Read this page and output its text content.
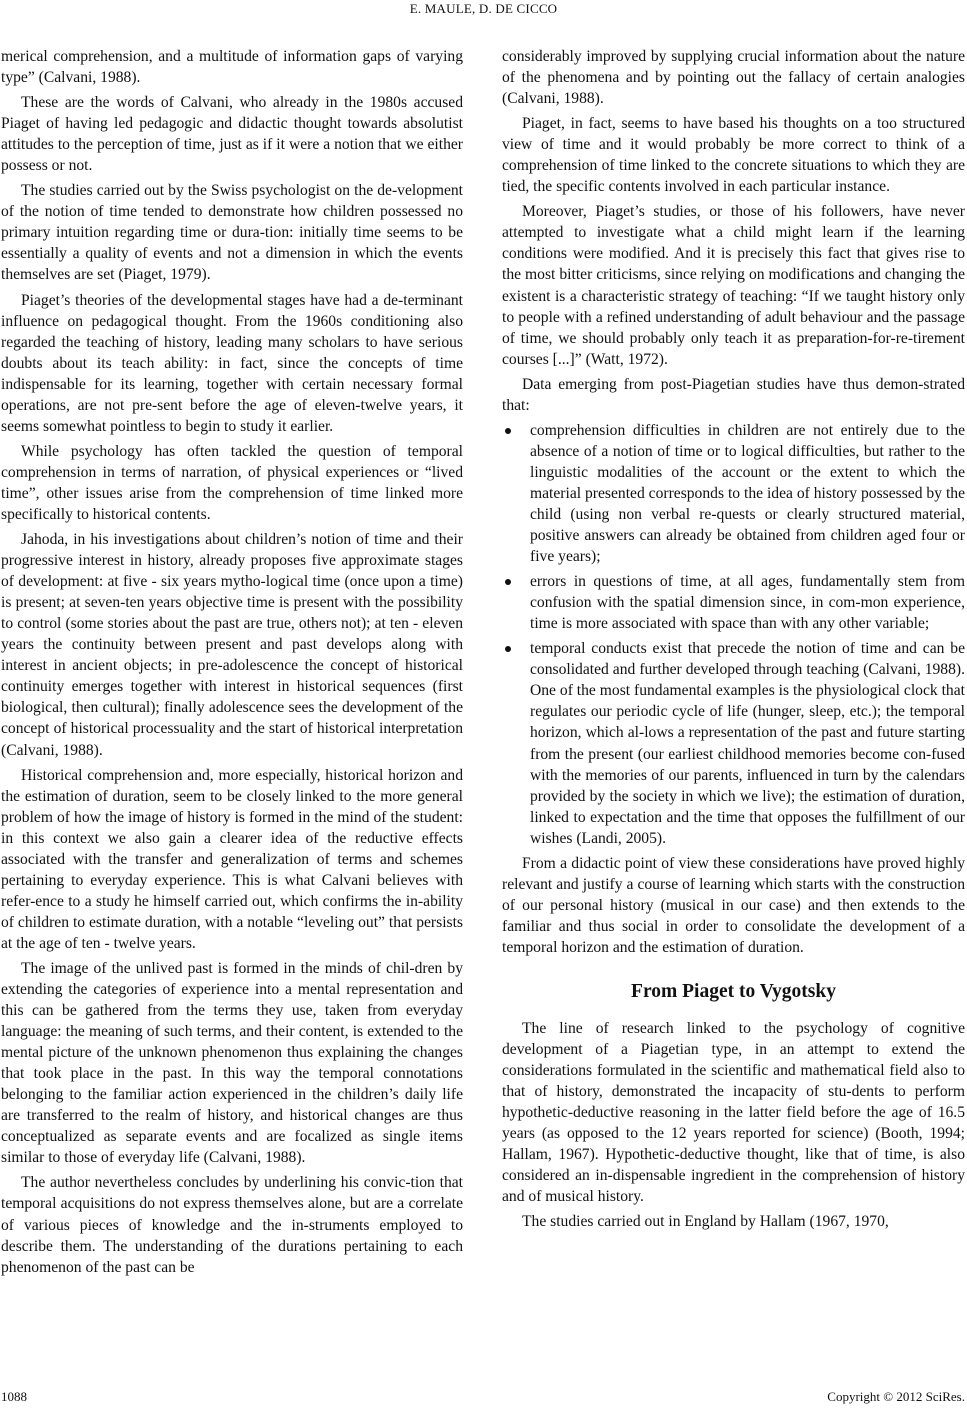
E. MAULE, D. DE CICCO

merical comprehension, and a multitude of information gaps of varying type” (Calvani, 1988).

These are the words of Calvani, who already in the 1980s accused Piaget of having led pedagogic and didactic thought towards absolutist attitudes to the perception of time, just as if it were a notion that we either possess or not.

The studies carried out by the Swiss psychologist on the de-velopment of the notion of time tended to demonstrate how children possessed no primary intuition regarding time or dura-tion: initially time seems to be essentially a quality of events and not a dimension in which the events themselves are set (Piaget, 1979).

Piaget’s theories of the developmental stages have had a de-terminant influence on pedagogical thought. From the 1960s conditioning also regarded the teaching of history, leading many scholars to have serious doubts about its teach ability: in fact, since the concepts of time indispensable for its learning, together with certain necessary formal operations, are not pre-sent before the age of eleven-twelve years, it seems somewhat pointless to begin to study it earlier.

While psychology has often tackled the question of temporal comprehension in terms of narration, of physical experiences or “lived time”, other issues arise from the comprehension of time linked more specifically to historical contents.

Jahoda, in his investigations about children’s notion of time and their progressive interest in history, already proposes five approximate stages of development: at five - six years mytho-logical time (once upon a time) is present; at seven-ten years objective time is present with the possibility to control (some stories about the past are true, others not); at ten - eleven years the continuity between present and past develops along with interest in ancient objects; in pre-adolescence the concept of historical continuity emerges together with interest in historical sequences (first biological, then cultural); finally adolescence sees the development of the concept of historical processuality and the start of historical interpretation (Calvani, 1988).

Historical comprehension and, more especially, historical horizon and the estimation of duration, seem to be closely linked to the more general problem of how the image of history is formed in the mind of the student: in this context we also gain a clearer idea of the reductive effects associated with the transfer and generalization of terms and schemes pertaining to everyday experience. This is what Calvani believes with refer-ence to a study he himself carried out, which confirms the in-ability of children to estimate duration, with a notable “leveling out” that persists at the age of ten - twelve years.

The image of the unlived past is formed in the minds of chil-dren by extending the categories of experience into a mental representation and this can be gathered from the terms they use, taken from everyday language: the meaning of such terms, and their content, is extended to the mental picture of the unknown phenomenon thus explaining the changes that took place in the past. In this way the temporal connotations belonging to the familiar action experienced in the children’s daily life are transferred to the realm of history, and historical changes are thus conceptualized as separate events and are focalized as single items similar to those of everyday life (Calvani, 1988).

The author nevertheless concludes by underlining his convic-tion that temporal acquisitions do not express themselves alone, but are a correlate of various pieces of knowledge and the in-struments employed to describe them. The understanding of the durations pertaining to each phenomenon of the past can be

considerably improved by supplying crucial information about the nature of the phenomena and by pointing out the fallacy of certain analogies (Calvani, 1988).

Piaget, in fact, seems to have based his thoughts on a too structured view of time and it would probably be more correct to think of a comprehension of time linked to the concrete situations to which they are tied, the specific contents involved in each particular instance.

Moreover, Piaget’s studies, or those of his followers, have never attempted to investigate what a child might learn if the learning conditions were modified. And it is precisely this fact that gives rise to the most bitter criticisms, since relying on modifications and changing the existent is a characteristic strategy of teaching: “If we taught history only to people with a refined understanding of adult behaviour and the passage of time, we should probably only teach it as preparation-for-re-tirement courses [...]” (Watt, 1972).

Data emerging from post-Piagetian studies have thus demon-strated that:

comprehension difficulties in children are not entirely due to the absence of a notion of time or to logical difficulties, but rather to the linguistic modalities of the account or the extent to which the material presented corresponds to the idea of history possessed by the child (using non verbal re-quests or clearly structured material, positive answers can already be obtained from children aged four or five years);
errors in questions of time, at all ages, fundamentally stem from confusion with the spatial dimension since, in com-mon experience, time is more associated with space than with any other variable;
temporal conducts exist that precede the notion of time and can be consolidated and further developed through teaching (Calvani, 1988). One of the most fundamental examples is the physiological clock that regulates our periodic cycle of life (hunger, sleep, etc.); the temporal horizon, which al-lows a representation of the past and future starting from the present (our earliest childhood memories become con-fused with the memories of our parents, influenced in turn by the calendars provided by the society in which we live); the estimation of duration, linked to expectation and the time that opposes the fulfillment of our wishes (Landi, 2005).

From a didactic point of view these considerations have proved highly relevant and justify a course of learning which starts with the construction of our personal history (musical in our case) and then extends to the familiar and thus social in order to consolidate the development of a temporal horizon and the estimation of duration.

From Piaget to Vygotsky

The line of research linked to the psychology of cognitive development of a Piagetian type, in an attempt to extend the considerations formulated in the scientific and mathematical field also to that of history, demonstrated the incapacity of stu-dents to perform hypothetic-deductive reasoning in the latter field before the age of 16.5 years (as opposed to the 12 years reported for science) (Booth, 1994; Hallam, 1967). Hypothetic-deductive thought, like that of time, is also considered an in-dispensable ingredient in the comprehension of history and of musical history.

The studies carried out in England by Hallam (1967, 1970,

1088	Copyright © 2012 SciRes.
